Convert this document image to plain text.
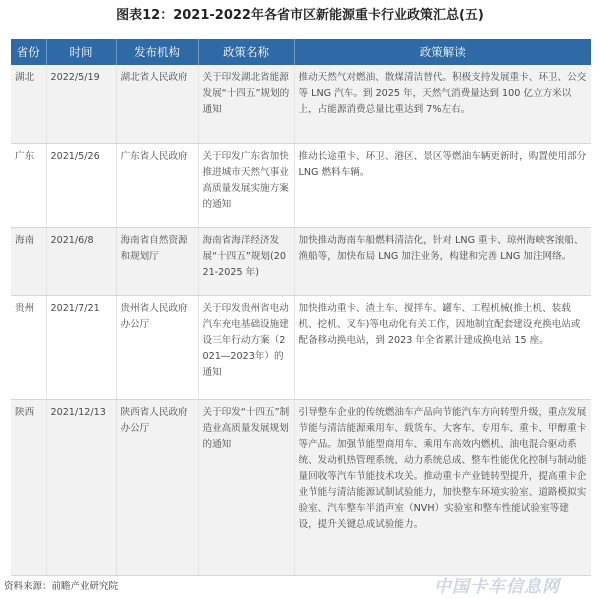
图表12：2021-2022年各省市区新能源重卡行业政策汇总(五)
省份	时间	发布机构	政策名称	政策解读
湖北	2022/5/19	湖北省人民政府	关于印发湖北省能源发展“十四五”规划的通知	推动天然气对燃油、散煤清洁替代。积极支持发展重卡、环卫、公交等 LNG 汽车。到 2025 年，天然气消费量达到 100 亿立方米以上，占能源消费总量比重达到 7%左右。
广东	2021/5/26	广东省人民政府	关于印发广东省加快推进城市天然气事业高质量发展实施方案的通知	推动长途重卡、环卫、港区、景区等燃油车辆更新时，购置使用部分 LNG 燃料车辆。
海南	2021/6/8	海南省自然资源和规划厅	海南省海洋经济发展“十四五”规划(2021-2025 年)	加快推动海南车船燃料清洁化，针对 LNG 重卡、琼州海峡客滚船、渔船等，加快布局 LNG 加注业务，构建和完善 LNG 加注网络。
贵州	2021/7/21	贵州省人民政府办公厅	关于印发贵州省电动汽车充电基础设施建设三年行动方案（2021—2023年）的通知	加快推动重卡、渣土车、搅拌车、罐车、工程机械(推土机、装载机、挖机、叉车)等电动化有关工作，因地制宜配套建设充换电站或配备移动换电站，到 2023 年全省累计建成换电站 15 座。
陕西	2021/12/13	陕西省人民政府办公厅	关于印发“十四五”制造业高质量发展规划的通知	引导整车企业的传统燃油车产品向节能汽车方向转型升级，重点发展节能与清洁能源乘用车、载货车、大客车、专用车、重卡、甲醇重卡等产品。加强节能型商用车、乘用车高效内燃机、油电混合驱动系统、发动机热管理系统、动力系统总成、整车性能优化控制与制动能量回收等汽车节能技术攻关。推动重卡产业链转型提升，提高重卡企业节能与清洁能源试制试验能力，加快整车环境实验室、道路模拟实验室、汽车整车半消声室（NVH）实验室和整车性能试验室等建设，提升关键总成试验能力。
资料来源：前瞻产业研究院	中国卡车信息网
